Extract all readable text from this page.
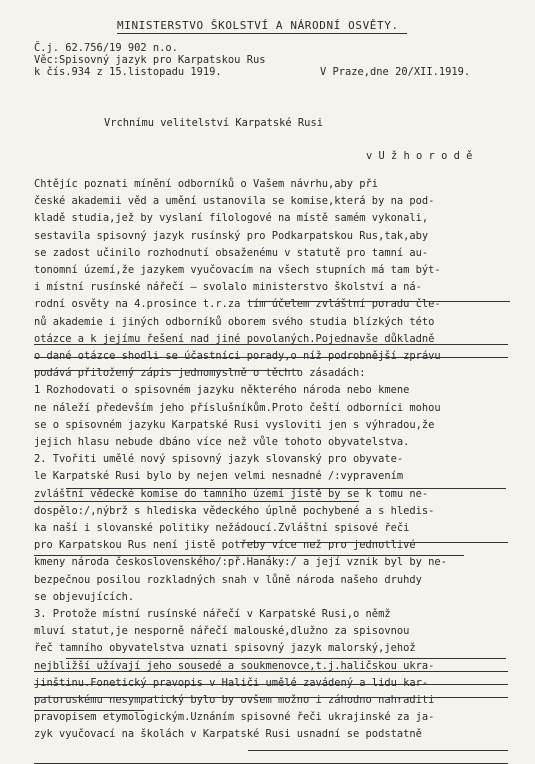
MINISTERSTVO ŠKOLSTVÍ A NÁRODNÍ OSVĚTY.
Č.j. 62.756/19 902 n.o.
Věc:Spisovný jazyk pro Karpatskou Rus
k čís.934 z 15.listopadu 1919.	V Praze,dne 20/XII.1919.
Vrchnímu velitelství Karpatské Rusi
v U ž h o r o d ě
Chtějíc poznati mínění odborníků o Vašem návrhu,aby při
české akademii věd a umění ustanovila se komise,která by na pod-
kladě studia,jež by vyslaní filologové na místě samém vykonali,
sestavila spisovný jazyk rusínský pro Podkarpatskou Rus,tak,aby
se zadost učinilo rozhodnutí obsaženému v statutě pro tamní au-
tonomní území,že jazykem vyučovacím na všech stupních má tam být-
i místní rusínské nářečí – svolalo ministerstvo školství a ná-
rodní osvěty na 4.prosince t.r.za tím účelem zvláštní poradu čle-
nů akademie i jiných odborníků oborem svého studia blízkých této
otázce a k jejímu řešení nad jiné povolaných.Pojednavše důkladně
o dané otázce shodli se účastníci porady,o níž podrobnější zprávu
podává přiložený zápis jednomyslně o těchto zásadách:
1 Rozhodovati o spisovném jazyku některého národa nebo kmene
ne náleží především jeho příslušníkům.Proto čeští odborníci mohou
se o spisovném jazyku Karpatské Rusi vysloviti jen s výhradou,že
jejich hlasu nebude dbáno více než vůle tohoto obyvatelstva.
2. Tvořiti umělé nový spisovný jazyk slovanský pro obyvate-
le Karpatské Rusi bylo by nejen velmi nesnadné /:vypravením
zvláštní vědecké komise do tamního území jistě by se k tomu ne-
dospělo:/,nýbrž s hlediska vědeckého úplně pochybené a s hledis-
ka naší i slovanské politiky nežádoucí.Zvláštní spisové řeči
pro Karpatskou Rus není jistě potřeby více než pro jednotlivé
kmeny národa československého/:př.Hanáky:/ a její vznik byl by ne-
bezpečnou posilou rozkladných snah v lůně národa našeho druhdy
se objevujících.
3. Protože místní rusínské nářečí v Karpatské Rusi,o němž
mluví statut,je nesporně nářečí malouské,dlužno za spisovnou
řeč tamního obyvatelstva uznati spisovný jazyk malorský,jehož
nejbližší užívají jeho sousedé a soukmenovce,t.j.haličskou ukra-
jinštinu.Fonetický pravopis v Haliči umělé zavádený a lidu kar-
patoruskému nesympatický bylo by ovšem možno i záhodno nahraditi
pravopisem etymologickým.Uznáním spisovné řeči ukrajinské za ja-
zyk vyučovací na školách v Karpatské Rusi usnadní se podstatně
